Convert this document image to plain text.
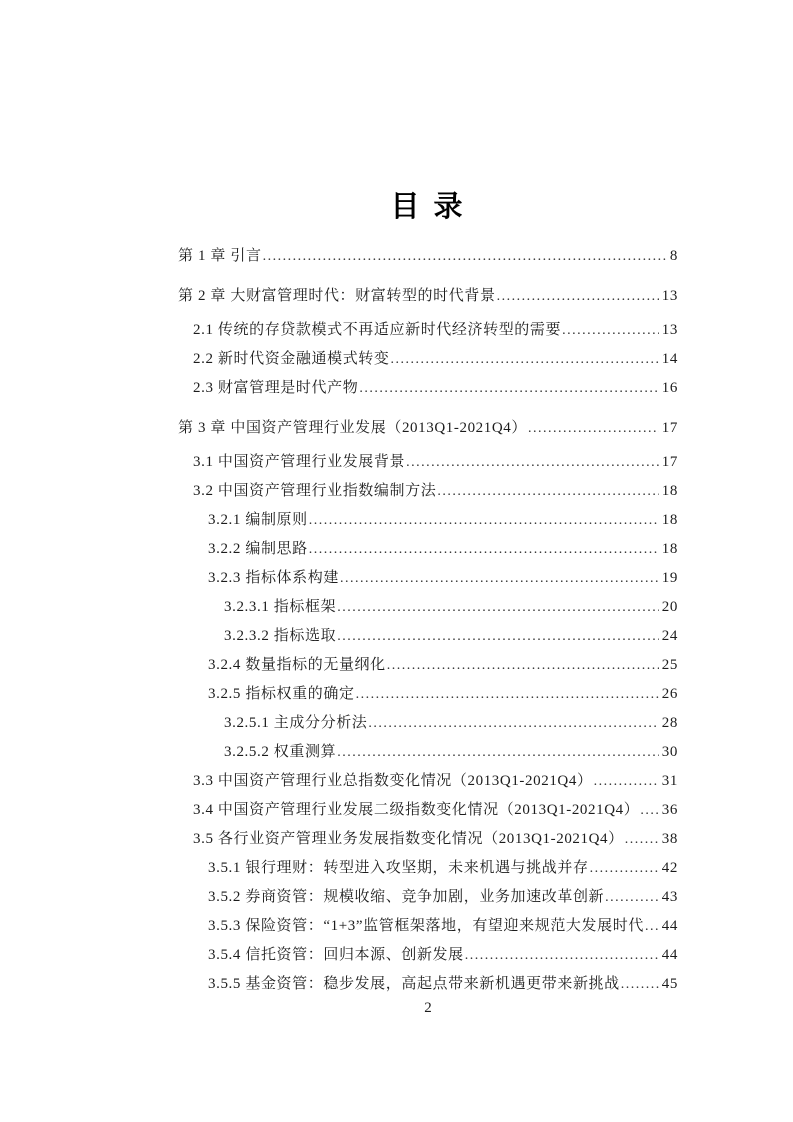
目 录
第 1 章 引言 .....	8
第 2 章 大财富管理时代：财富转型的时代背景 .....	13
2.1 传统的存贷款模式不再适应新时代经济转型的需要 .....	13
2.2 新时代资金融通模式转变 .....	14
2.3 财富管理是时代产物 .....	16
第 3 章 中国资产管理行业发展（2013Q1-2021Q4） .....	17
3.1 中国资产管理行业发展背景 .....	17
3.2 中国资产管理行业指数编制方法 .....	18
3.2.1 编制原则 .....	18
3.2.2 编制思路 .....	18
3.2.3 指标体系构建 .....	19
3.2.3.1 指标框架 .....	20
3.2.3.2 指标选取 .....	24
3.2.4 数量指标的无量纲化 .....	25
3.2.5 指标权重的确定 .....	26
3.2.5.1 主成分分析法 .....	28
3.2.5.2 权重测算 .....	30
3.3 中国资产管理行业总指数变化情况（2013Q1-2021Q4） .....	31
3.4 中国资产管理行业发展二级指数变化情况（2013Q1-2021Q4） ..... 36
3.5 各行业资产管理业务发展指数变化情况（2013Q1-2021Q4） .....	38
3.5.1 银行理财：转型进入攻坚期，未来机遇与挑战并存 .....	42
3.5.2 券商资管：规模收缩、竞争加剧，业务加速改革创新 .....	43
3.5.3 保险资管：“1+3”监管框架落地，有望迎来规范大发展时代 ..... 44
3.5.4 信托资管：回归本源、创新发展 .....	44
3.5.5 基金资管：稳步发展，高起点带来新机遇更带来新挑战 .....	45
2
